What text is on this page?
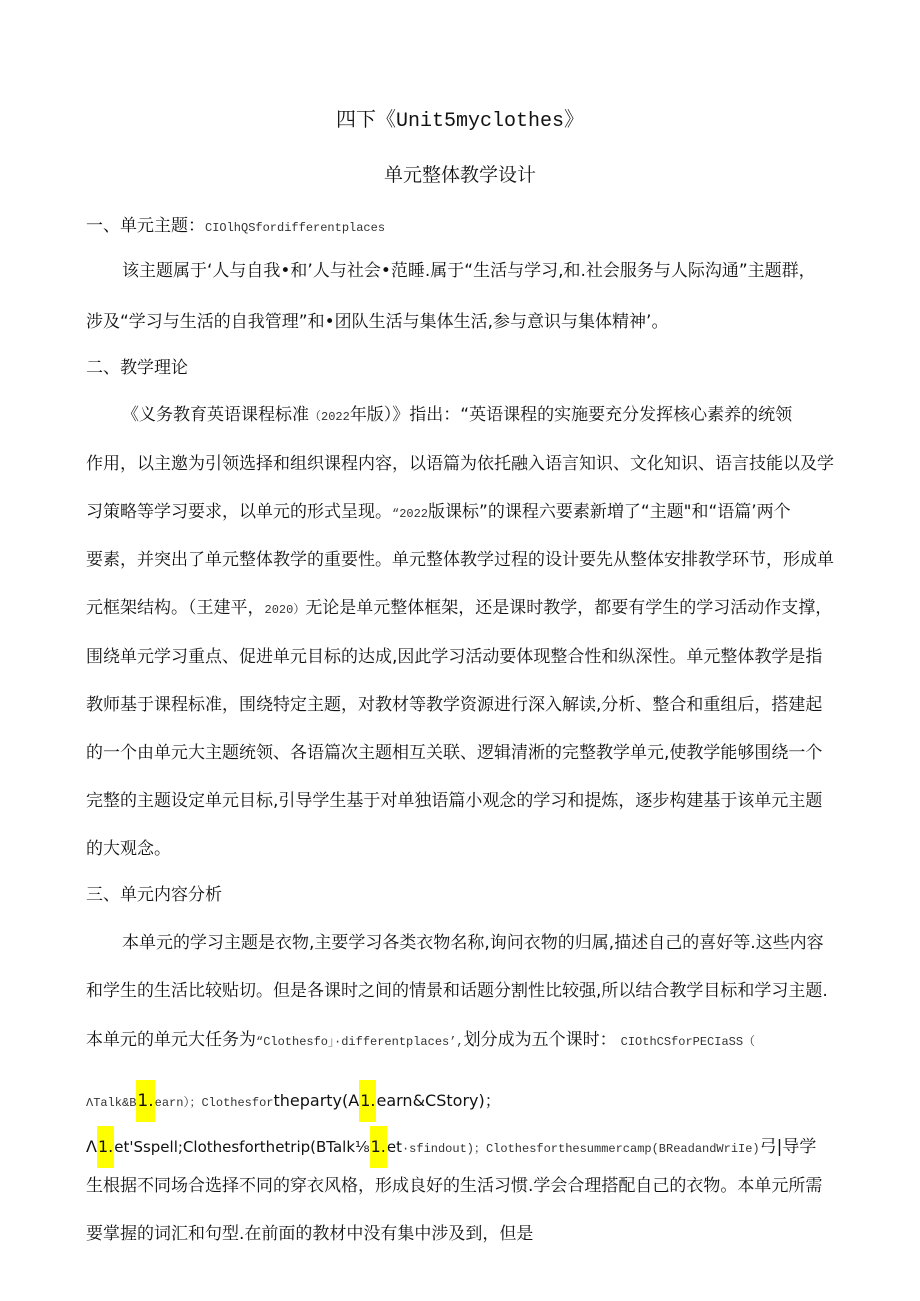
四下《Unit5myclothes》
单元整体教学设计
一、单元主题：CIOlhQSfordifferentplaces
该主题属于‘人与自我•和’人与社会•范睡.属于“生活与学习,和.社会服务与人际沟通”主题群，
涉及“学习与生活的自我管理”和•团队生活与集体生活,参与意识与集体精神’。
二、教学理论
《义务教育英语课程标准（2022年版）》指出：“英语课程的实施要充分发挥核心素养的统领
作用，以主邀为引领选择和组织课程内容，以语篇为依托融入语言知识、文化知识、语言技能以及学
习策略等学习要求，以单元的形式呈现。“2022版课标”的课程六要素新増了“主题"和“语篇’两个
要素，并突出了单元整体教学的重要性。单元整体教学过程的设计要先从整体安排教学环节，形成单
元框架结构。（王建平，2020）无论是单元整体框架，还是课时教学，都要有学生的学习活动作支撑，
围绕单元学习重点、促进单元目标的达成,因此学习活动要体现整合性和纵深性。单元整体教学是指
教师基于课程标准，围绕特定主题，对教材等教学资源进行深入解读,分析、整合和重组后，搭建起
的一个由单元大主题统领、各语篇次主题相互关联、逻辑清淅的完整教学单元,使教学能够围绕一个
完整的主题设定单元目标,引导学生基于对单独语篇小观念的学习和提炼，逐步构建基于该单元主题
的大观念。
三、单元内容分析
本单元的学习主题是衣物,主要学习各类衣物名称,询问衣物的归属,描述自己的喜好等.这些内容
和学生的生活比较贴切。但是各课时之间的情景和话题分割性比较强,所以结合教学目标和学习主题.
本单元的单元大任务为“Clothesfo」·differentplaces’,划分成为五个课时： CIOthCSforPECIaSS（
ΛTalk&B1.earn）；Clothesfortheparty(A1.earn&CStory)；
Λ1.et'Sspell;Clothesforthetrip(BTalk⅛1.et·sfindout)；Clothesforthesummercamp(BReadandWriIe)弓|导学
生根据不同场合选择不同的穿衣风格，形成良好的生活习惯.学会合理搭配自己的衣物。本单元所需
要掌握的词汇和句型.在前面的教材中没有集中涉及到，但是
